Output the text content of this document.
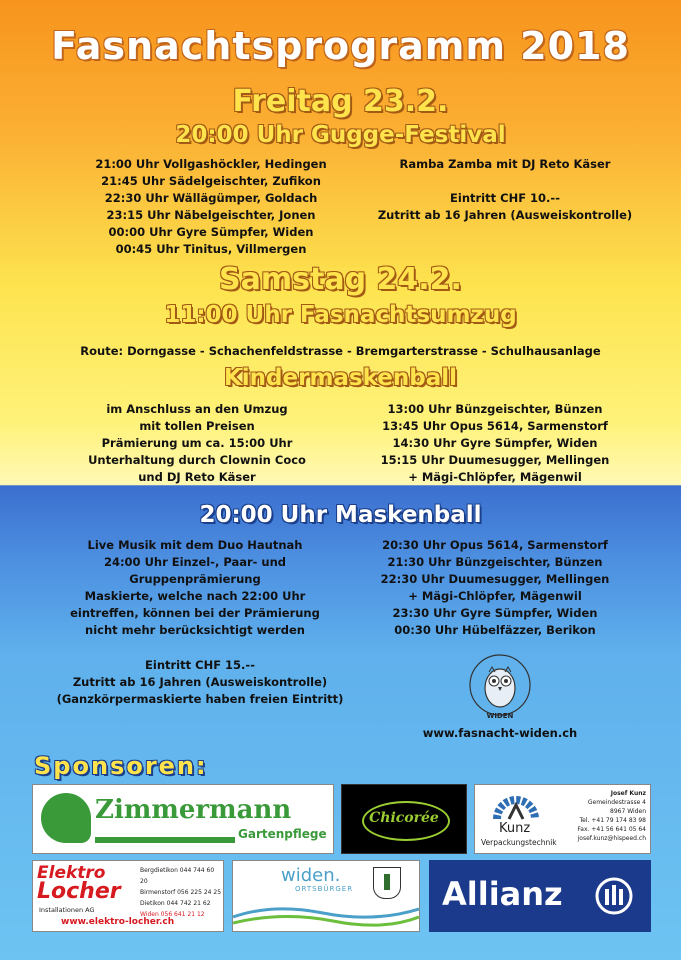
Fasnachtsprogramm 2018
Freitag 23.2.
20:00 Uhr Gugge-Festival
21:00 Uhr Vollgashöckler, Hedingen
21:45 Uhr Sädelgeischter, Zufikon
22:30 Uhr Wällägümper, Goldach
23:15 Uhr Näbelgeischter, Jonen
00:00 Uhr Gyre Sümpfer, Widen
00:45 Uhr Tinitus, Villmergen
Ramba Zamba mit DJ Reto Käser
Eintritt CHF 10.--
Zutritt ab 16 Jahren (Ausweiskontrolle)
Samstag 24.2.
11:00 Uhr Fasnachtsumzug
Route: Dorngasse - Schachenfeldstrasse - Bremgarterstrasse - Schulhausanlage
Kindermaskenball
im Anschluss an den Umzug
mit tollen Preisen
Prämierung um ca. 15:00 Uhr
Unterhaltung durch Clownin Coco
und DJ Reto Käser
13:00 Uhr Bünzgeischter, Bünzen
13:45 Uhr Opus 5614, Sarmenstorf
14:30 Uhr Gyre Sümpfer, Widen
15:15 Uhr Duumesugger, Mellingen
+ Mägi-Chlöpfer, Mägenwil
20:00 Uhr Maskenball
Live Musik mit dem Duo Hautnah
24:00 Uhr Einzel-, Paar- und
Gruppenprämierung
Maskierte, welche nach 22:00 Uhr
eintreffen, können bei der Prämierung
nicht mehr berücksichtigt werden
Eintritt CHF 15.--
Zutritt ab 16 Jahren (Ausweiskontrolle)
(Ganzkörpermaskierte haben freien Eintritt)
20:30 Uhr Opus 5614, Sarmenstorf
21:30 Uhr Bünzgeischter, Bünzen
22:30 Uhr Duumesugger, Mellingen
+ Mägi-Chlöpfer, Mägenwil
23:30 Uhr Gyre Sümpfer, Widen
00:30 Uhr Hübelfäzzer, Berikon
WIDEN
www.fasnacht-widen.ch
Sponsoren:
Zimmermann
Gartenpflege
Chicorée
Kunz
Verpackungstechnik
Josef Kunz
Gemeindestrasse 4
8967 Widen
Tel. +41 79 174 83 98
Fax. +41 56 641 05 64
josef.kunz@hispeed.ch
Elektro
Locher
Installationen AG
Bergdietikon 044 744 60 20
Birmenstorf 056 225 24 25
Dietikon 044 742 21 62
Widen 056 641 21 12
www.elektro-locher.ch
widen.
ORTSBÜRGER	Allianz
